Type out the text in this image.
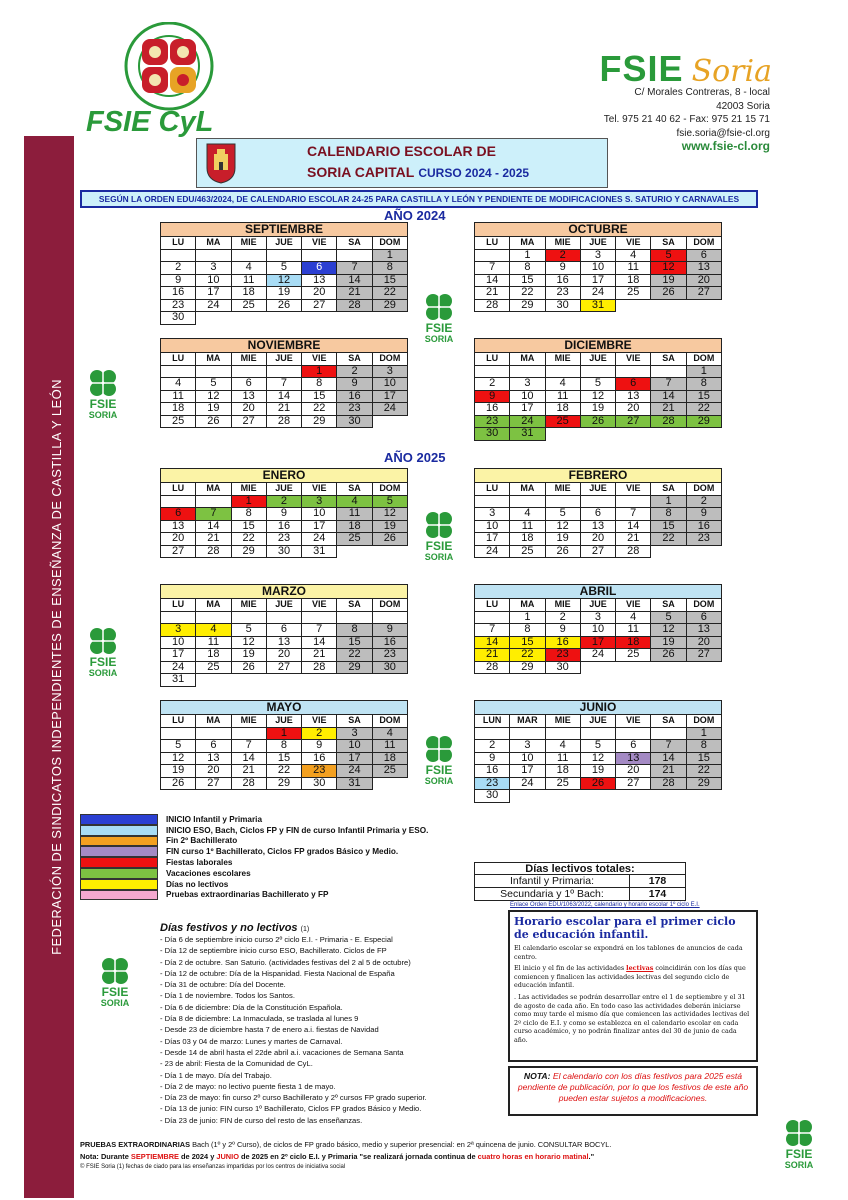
FEDERACIÓN DE SINDICATOS INDEPENDIENTES DE ENSEÑANZA DE CASTILLA Y LEÓN
FSIE CyL
FSIE Soria
C/ Morales Contreras, 8 - local
42003 Soria
Tel. 975 21 40 62 - Fax: 975 21 15 71
fsie.soria@fsie-cl.org
www.fsie-cl.org
CALENDARIO ESCOLAR DE
SORIA CAPITAL CURSO 2024 - 2025
SEGÚN LA ORDEN EDU/463/2024, DE CALENDARIO ESCOLAR 24-25 PARA CASTILLA Y LEÓN Y PENDIENTE DE MODIFICACIONES S. SATURIO Y CARNAVALES
AÑO 2024
AÑO 2025
SEPTIEMBRE						
LU	MA	MIE	JUE	VIE	SA	DOM
						1
2	3	4	5	6	7	8
9	10	11	12	13	14	15
16	17	18	19	20	21	22
23	24	25	26	27	28	29
30						
OCTUBRE						
LU	MA	MIE	JUE	VIE	SA	DOM
	1	2	3	4	5	6
7	8	9	10	11	12	13
14	15	16	17	18	19	20
21	22	23	24	25	26	27
28	29	30	31			
NOVIEMBRE						
LU	MA	MIE	JUE	VIE	SA	DOM
				1	2	3
4	5	6	7	8	9	10
11	12	13	14	15	16	17
18	19	20	21	22	23	24
25	26	27	28	29	30	
DICIEMBRE						
LU	MA	MIE	JUE	VIE	SA	DOM
						1
2	3	4	5	6	7	8
9	10	11	12	13	14	15
16	17	18	19	20	21	22
23	24	25	26	27	28	29
30	31					
ENERO						
LU	MA	MIE	JUE	VIE	SA	DOM
		1	2	3	4	5
6	7	8	9	10	11	12
13	14	15	16	17	18	19
20	21	22	23	24	25	26
27	28	29	30	31		
FEBRERO						
LU	MA	MIE	JUE	VIE	SA	DOM
					1	2
3	4	5	6	7	8	9
10	11	12	13	14	15	16
17	18	19	20	21	22	23
24	25	26	27	28		
MARZO						
LU	MA	MIE	JUE	VIE	SA	DOM

3	4	5	6	7	8	9
10	11	12	13	14	15	16
17	18	19	20	21	22	23
24	25	26	27	28	29	30
31						
ABRIL						
LU	MA	MIE	JUE	VIE	SA	DOM
	1	2	3	4	5	6
7	8	9	10	11	12	13
14	15	16	17	18	19	20
21	22	23	24	25	26	27
28	29	30				
MAYO						
LU	MA	MIE	JUE	VIE	SA	DOM
			1	2	3	4
5	6	7	8	9	10	11
12	13	14	15	16	17	18
19	20	21	22	23	24	25
26	27	28	29	30	31	
JUNIO						
LUN	MAR	MIE	JUE	VIE	SA	DOM
						1
2	3	4	5	6	7	8
9	10	11	12	13	14	15
16	17	18	19	20	21	22
23	24	25	26	27	28	29
30						
FSIE
SORIA
FSIE
SORIA
FSIE
SORIA
FSIE
SORIA
FSIE
SORIA
FSIE
SORIA
FSIE
SORIA
INICIO Infantil y Primaria
INICIO ESO, Bach, Ciclos FP y FIN de curso Infantil Primaria y ESO.
Fin 2º Bachillerato
FIN curso 1º Bachillerato, Ciclos FP grados Básico y Medio.
Fiestas laborales
Vacaciones escolares
Días no lectivos
Pruebas extraordinarias Bachillerato y FP
Días lectivos totales:
Infantil y Primaria:	178
Secundaria y 1º Bach:	174
Enlace Orden EDU/1063/2022, calendario y horario escolar 1º ciclo E.I.
Horario escolar para el primer ciclo de educación infantil.

El calendario escolar se expondrá en los tablones de anuncios de cada centro.

El inicio y el fin de las actividades lectivas coincidirán con los días que comiencen y finalicen las actividades lectivas del segundo ciclo de educación infantil.

. Las actividades se podrán desarrollar entre el 1 de septiembre y el 31 de agosto de cada año. En todo caso las actividades deberán iniciarse como muy tarde el mismo día que comiencen las actividades lectivas del 2º ciclo de E.I. y como se establezca en el calendario escolar en cada curso académico, y no podrán finalizar antes del 30 de junio de cada año.

NOTA: El calendario con los días festivos para 2025 está pendiente de publicación, por lo que los festivos de este año pueden estar sujetos a modificaciones.
Días festivos y no lectivos (1)
- Día 6 de septiembre inicio curso 2º ciclo E.I. - Primaria - E. Especial
- Día 12 de septiembre inicio curso ESO, Bachillerato. Ciclos de FP
- Día 2 de octubre. San Saturio. (actividades festivas del 2 al 5 de octubre)
- Día 12 de octubre: Día de la Hispanidad. Fiesta Nacional de España
- Día 31 de octubre: Día del Docente.
- Día 1 de noviembre. Todos los Santos.
- Día 6 de diciembre: Día de la Constitución Española.
- Día 8 de diciembre: La Inmaculada, se traslada al lunes 9
- Desde 23 de diciembre hasta 7 de enero a.i. fiestas de Navidad
- Días 03 y 04 de marzo: Lunes y martes de Carnaval.
- Desde 14 de abril hasta el 22de abril a.i. vacaciones de Semana Santa
- 23 de abril: Fiesta de la Comunidad de CyL.
- Día 1 de mayo. Día del Trabajo.
- Día 2 de mayo: no lectivo puente fiesta 1 de mayo.
- Día 23 de mayo: fin curso 2º curso Bachillerato y 2º cursos FP grado superior.
- Día 13 de junio: FIN curso 1º Bachillerato, Ciclos FP grados Básico y Medio.
- Día 23 de junio: FIN de curso del resto de las enseñanzas.
PRUEBAS EXTRAORDINARIAS Bach (1º y 2º Curso), de ciclos de FP grado básico, medio y superior presencial: en 2ª quincena de junio. CONSULTAR BOCYL.
Nota: Durante SEPTIEMBRE de 2024 y JUNIO de 2025 en 2º ciclo E.I. y Primaria "se realizará jornada continua de cuatro horas en horario matinal."
© FSIE Soria (1) fechas de ciado para las enseñanzas impartidas por los centros de iniciativa social
